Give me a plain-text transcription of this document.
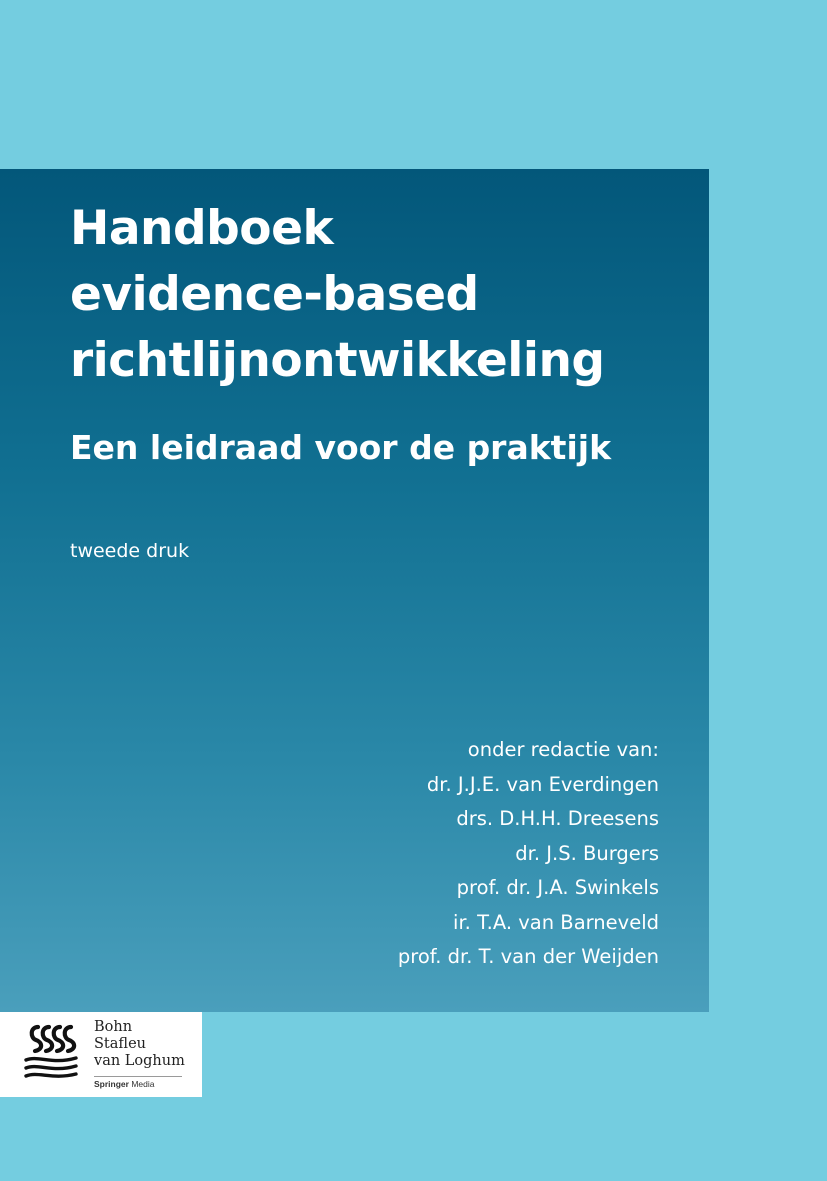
Handboek
evidence-based
richtlijnontwikkeling
Een leidraad voor de praktijk
tweede druk
onder redactie van:
dr. J.J.E. van Everdingen
drs. D.H.H. Dreesens
dr. J.S. Burgers
prof. dr. J.A. Swinkels
ir. T.A. van Barneveld
prof. dr. T. van der Weijden
Bohn
Stafleu
van Loghum
Springer Media
